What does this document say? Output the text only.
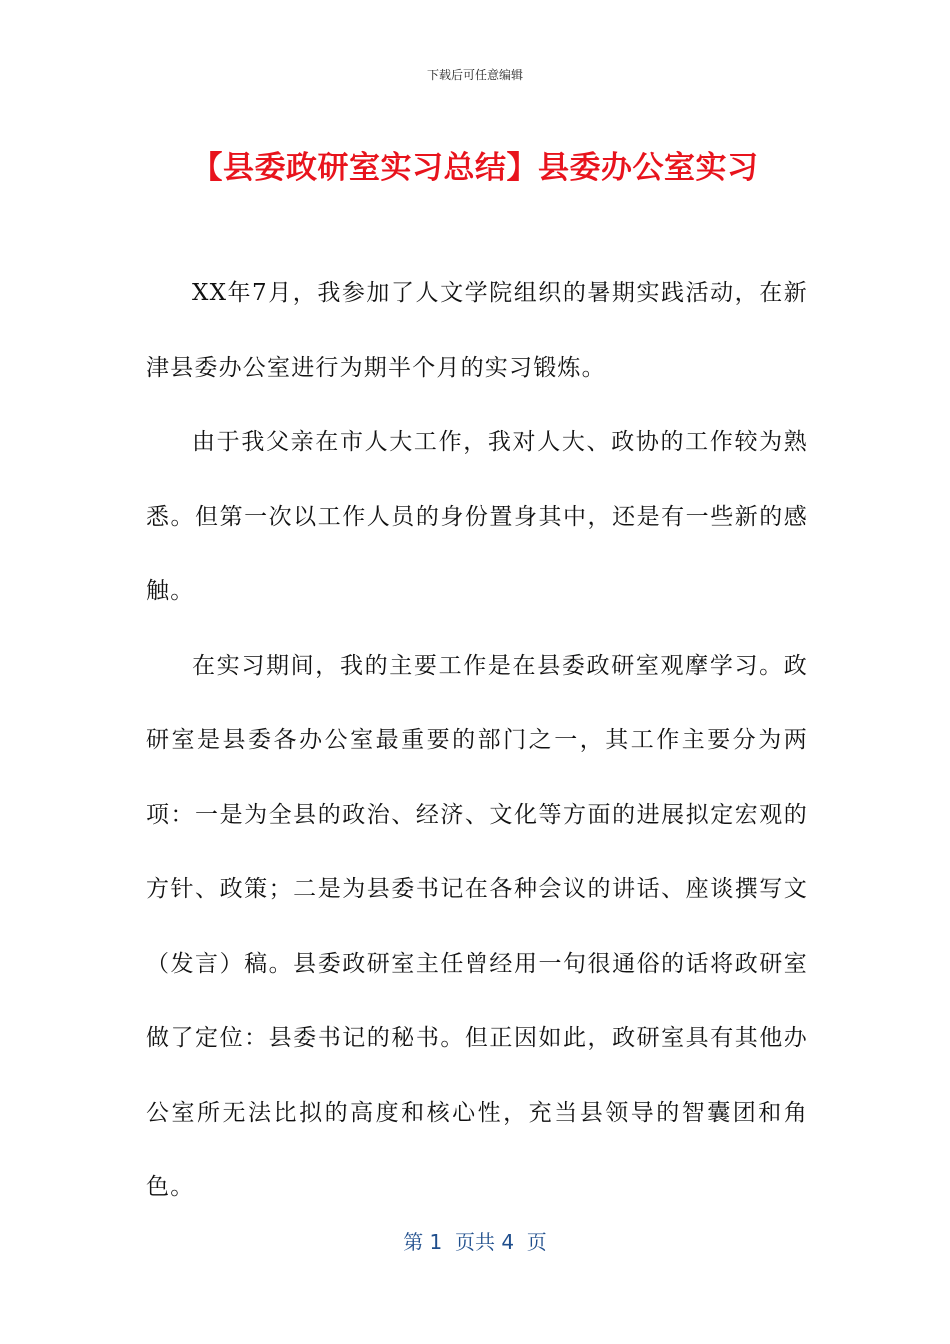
下载后可任意编辑
【县委政研室实习总结】县委办公室实习

XX年7月，我参加了人文学院组织的暑期实践活动，在新津县委办公室进行为期半个月的实习锻炼。

由于我父亲在市人大工作，我对人大、政协的工作较为熟悉。但第一次以工作人员的身份置身其中，还是有一些新的感触。

在实习期间，我的主要工作是在县委政研室观摩学习。政研室是县委各办公室最重要的部门之一，其工作主要分为两项：一是为全县的政治、经济、文化等方面的进展拟定宏观的方针、政策；二是为县委书记在各种会议的讲话、座谈撰写文（发言）稿。县委政研室主任曾经用一句很通俗的话将政研室做了定位：县委书记的秘书。但正因如此，政研室具有其他办公室所无法比拟的高度和核心性，充当县领导的智囊团和角色。

第 1  页共 4  页
